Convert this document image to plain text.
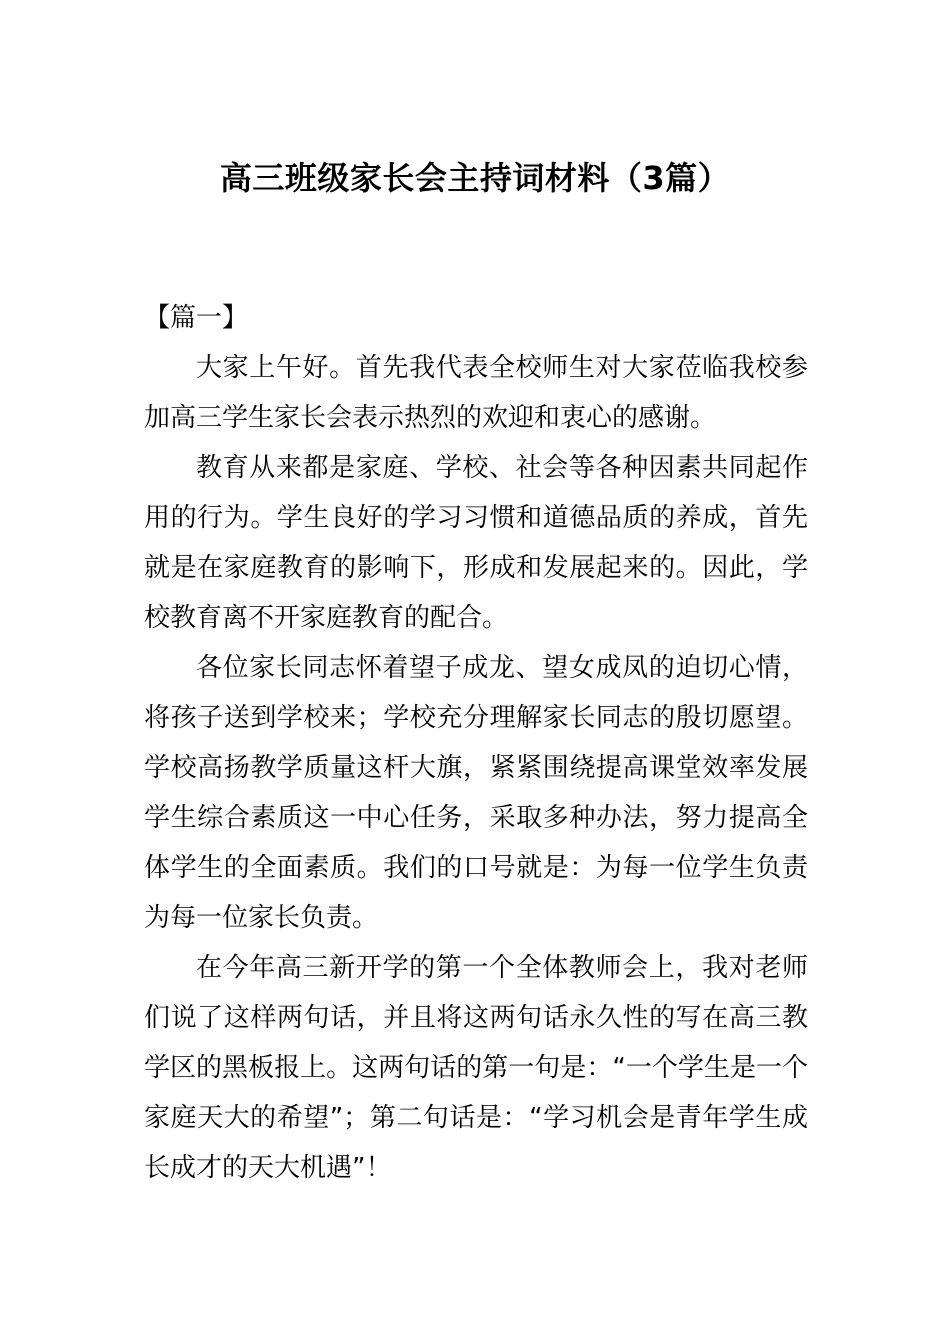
高三班级家长会主持词材料（3篇）
【篇一】

大家上午好。首先我代表全校师生对大家莅临我校参加高三学生家长会表示热烈的欢迎和衷心的感谢。

教育从来都是家庭、学校、社会等各种因素共同起作用的行为。学生良好的学习习惯和道德品质的养成，首先就是在家庭教育的影响下，形成和发展起来的。因此，学校教育离不开家庭教育的配合。

各位家长同志怀着望子成龙、望女成凤的迫切心情，将孩子送到学校来；学校充分理解家长同志的殷切愿望。学校高扬教学质量这杆大旗，紧紧围绕提高课堂效率发展学生综合素质这一中心任务，采取多种办法，努力提高全体学生的全面素质。我们的口号就是：为每一位学生负责为每一位家长负责。

在今年高三新开学的第一个全体教师会上，我对老师们说了这样两句话，并且将这两句话永久性的写在高三教学区的黑板报上。这两句话的第一句是：“一个学生是一个家庭天大的希望”；第二句话是：“学习机会是青年学生成长成才的天大机遇”！
